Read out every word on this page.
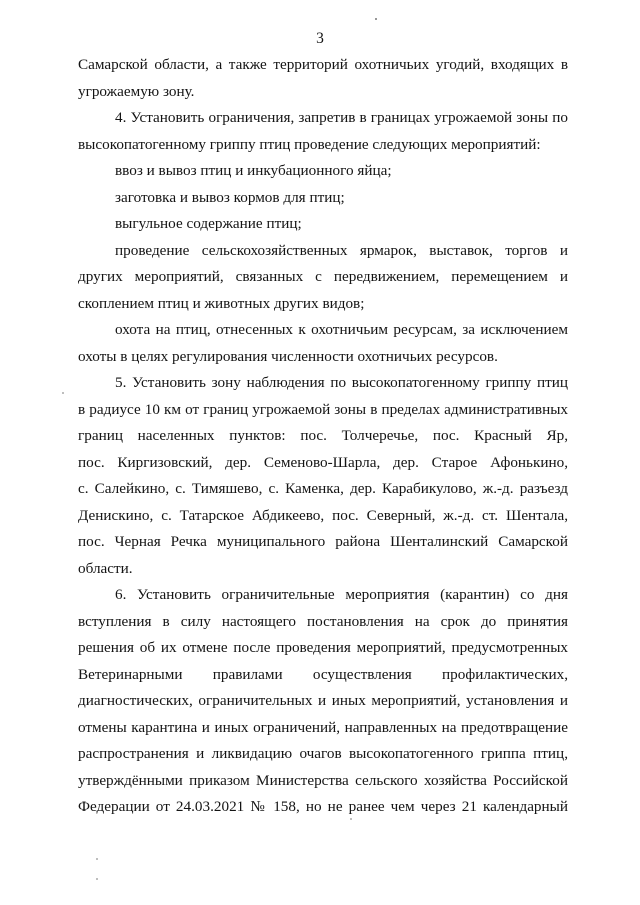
3
Самарской области, а также территорий охотничьих угодий, входящих в
угрожаемую зону.
4. Установить ограничения, запретив в границах угрожаемой зоны по
высокопатогенному гриппу птиц проведение следующих мероприятий:
ввоз и вывоз птиц и инкубационного яйца;
заготовка и вывоз кормов для птиц;
выгульное содержание птиц;
проведение сельскохозяйственных ярмарок, выставок, торгов и
других мероприятий, связанных с передвижением, перемещением и
скоплением птиц и животных других видов;
охота на птиц, отнесенных к охотничьим ресурсам, за исключением
охоты в целях регулирования численности охотничьих ресурсов.
5. Установить зону наблюдения по высокопатогенному гриппу птиц
в радиусе 10 км от границ угрожаемой зоны в пределах административных
границ населенных пунктов: пос. Толчеречье, пос. Красный Яр,
пос. Киргизовский, дер. Семеново-Шарла, дер. Старое Афонькино,
с. Салейкино, с. Тимяшево, с. Каменка, дер. Карабикулово, ж.-д. разъезд
Денискино, с. Татарское Абдикеево, пос. Северный, ж.-д. ст. Шентала,
пос. Черная Речка муниципального района Шенталинский Самарской
области.
6. Установить ограничительные мероприятия (карантин) со дня
вступления в силу настоящего постановления на срок до принятия
решения об их отмене после проведения мероприятий, предусмотренных
Ветеринарными правилами осуществления профилактических,
диагностических, ограничительных и иных мероприятий, установления и
отмены карантина и иных ограничений, направленных на предотвращение
распространения и ликвидацию очагов высокопатогенного гриппа птиц,
утверждёнными приказом Министерства сельского хозяйства Российской
Федерации от 24.03.2021 № 158, но не ранее чем через 21 календарный
